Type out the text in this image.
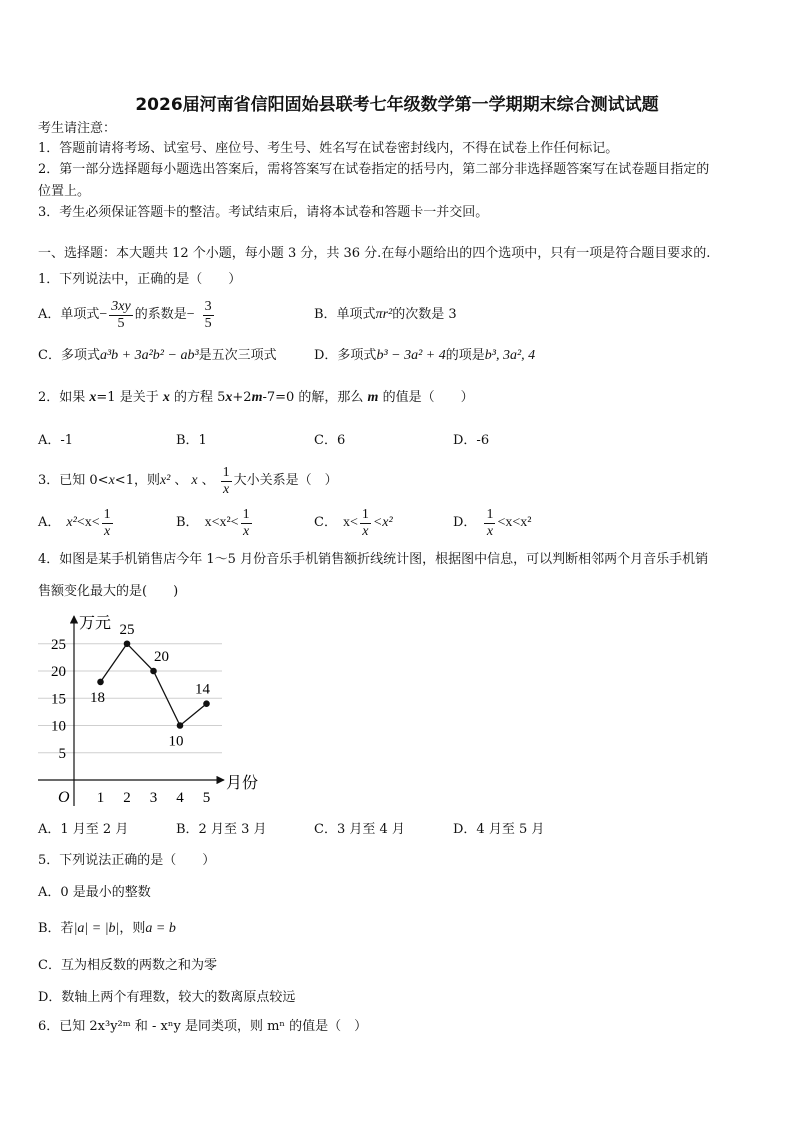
2026届河南省信阳固始县联考七年级数学第一学期期末综合测试试题
考生请注意：
1．答题前请将考场、试室号、座位号、考生号、姓名写在试卷密封线内，不得在试卷上作任何标记。
2．第一部分选择题每小题选出答案后，需将答案写在试卷指定的括号内，第二部分非选择题答案写在试卷题目指定的
位置上。
3．考生必须保证答题卡的整洁。考试结束后，请将本试卷和答题卡一并交回。
一、选择题：本大题共 12 个小题，每小题 3 分，共 36 分.在每小题给出的四个选项中，只有一项是符合题目要求的.
1．下列说法中，正确的是（　　）
A．单项式 − $\frac{3xy}{5}$ 的系数是 − $\frac{3}{5}$	B．单项式πr²的次数是 3
C．多项式a³b + 3a²b² − ab³是五次三项式	D．多项式b³ − 3a² + 4的项是b³, 3a², 4
2．如果 x=1 是关于 x 的方程 5x+2m-7=0 的解，那么 m 的值是（　　）
A．-1	B．1	C．6	D．-6
3．已知 0< x <1，则 x² 、 x 、 $\frac{1}{x}$ 大小关系是（　）
A． $x^2 <x< \frac{1}{x}$	B． $x<x^2< \frac{1}{x}$	C． $x< \frac{1}{x} <x^2$	D． $\frac{1}{x} <x<x^2$
4．如图是某手机销售店今年 1～5 月份音乐手机销售额折线统计图，根据图中信息，可以判断相邻两个月音乐手机销
售额变化最大的是(　　)
5
10
15
20
25
1 2 3 4 5
O
万元
月份
18
25
20
10
14
A．1 月至 2 月	B．2 月至 3 月	C．3 月至 4 月	D．4 月至 5 月
5．下列说法正确的是（　　）
A．0 是最小的整数
B．若|a| = |b|，则a = b
C．互为相反数的两数之和为零
D．数轴上两个有理数，较大的数离原点较远
6．已知 2x³y²ᵐ 和 - xⁿy 是同类项，则 mⁿ 的值是（　）
